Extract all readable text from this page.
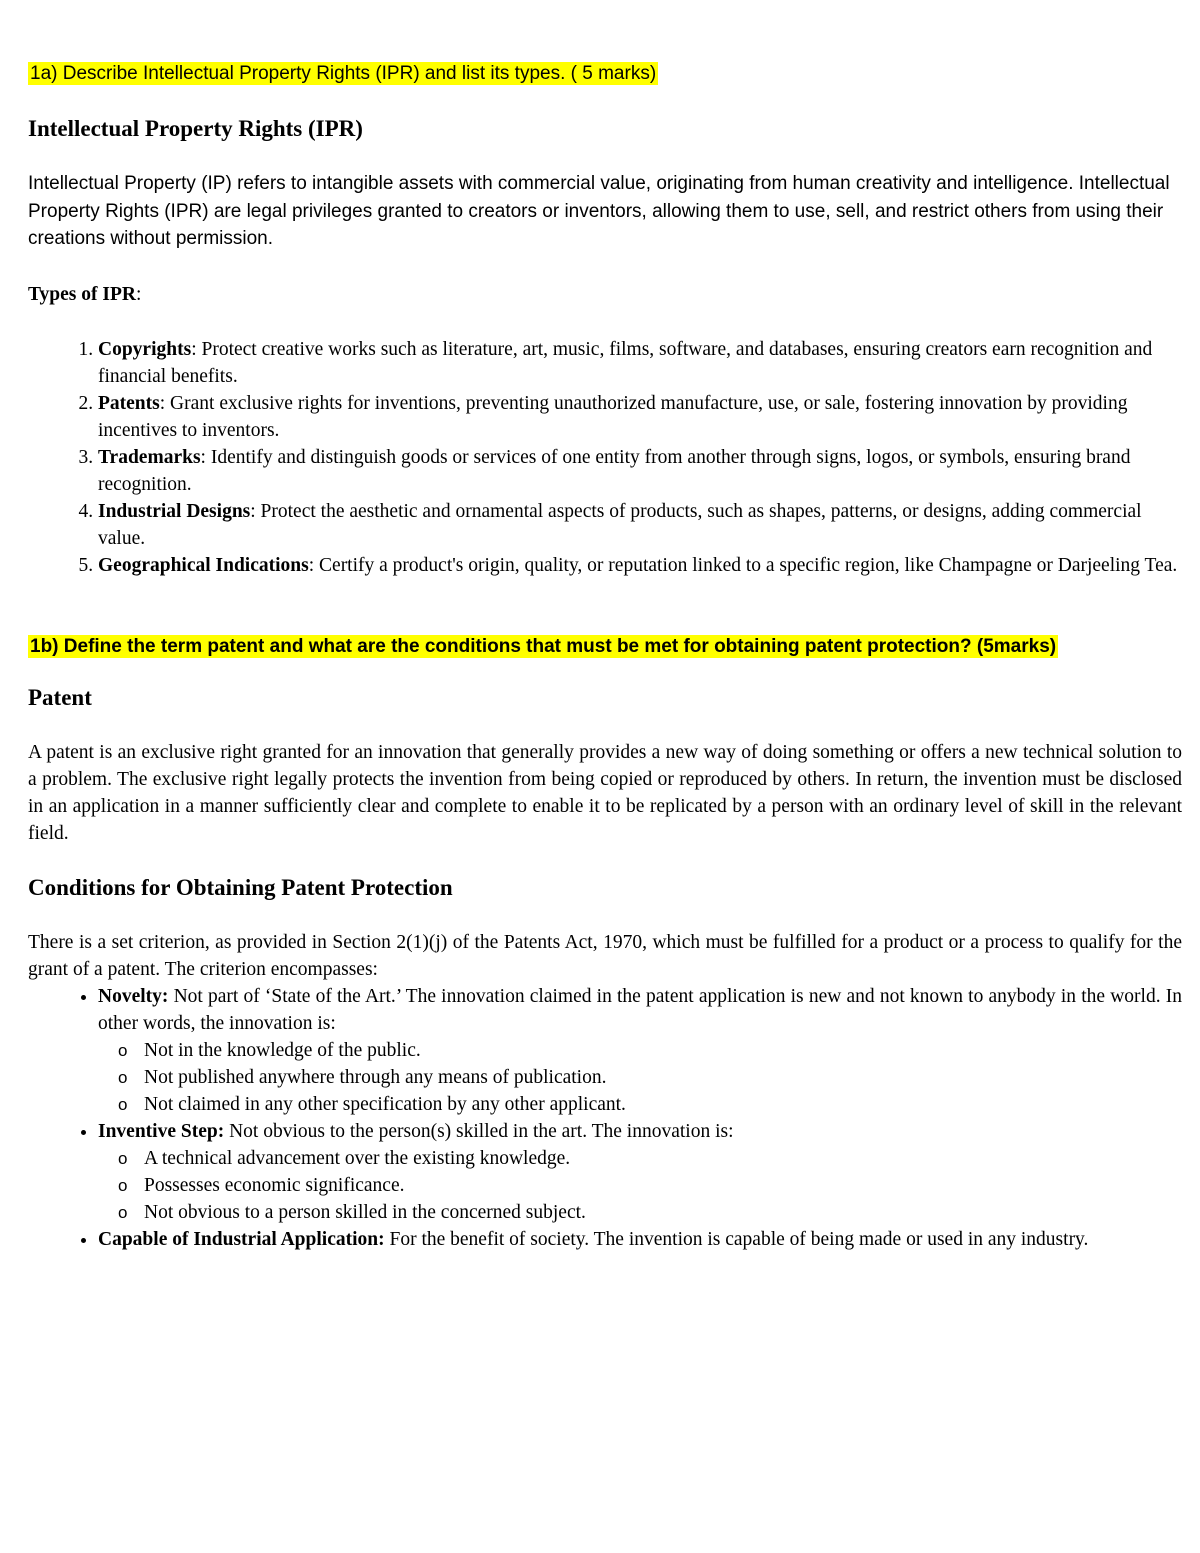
1a) Describe Intellectual Property Rights (IPR) and list its types. ( 5 marks)
Intellectual Property Rights (IPR)

Intellectual Property (IP) refers to intangible assets with commercial value, originating from human creativity and intelligence. Intellectual Property Rights (IPR) are legal privileges granted to creators or inventors, allowing them to use, sell, and restrict others from using their creations without permission.

Types of IPR:
1. Copyrights: Protect creative works such as literature, art, music, films, software, and databases, ensuring creators earn recognition and financial benefits.
2. Patents: Grant exclusive rights for inventions, preventing unauthorized manufacture, use, or sale, fostering innovation by providing incentives to inventors.
3. Trademarks: Identify and distinguish goods or services of one entity from another through signs, logos, or symbols, ensuring brand recognition.
4. Industrial Designs: Protect the aesthetic and ornamental aspects of products, such as shapes, patterns, or designs, adding commercial value.
5. Geographical Indications: Certify a product's origin, quality, or reputation linked to a specific region, like Champagne or Darjeeling Tea.
1b) Define the term patent and what are the conditions that must be met for obtaining patent protection? (5marks)
Patent

A patent is an exclusive right granted for an innovation that generally provides a new way of doing something or offers a new technical solution to a problem. The exclusive right legally protects the invention from being copied or reproduced by others. In return, the invention must be disclosed in an application in a manner sufficiently clear and complete to enable it to be replicated by a person with an ordinary level of skill in the relevant field.

Conditions for Obtaining Patent Protection

There is a set criterion, as provided in Section 2(1)(j) of the Patents Act, 1970, which must be fulfilled for a product or a process to qualify for the grant of a patent. The criterion encompasses:

• Novelty: Not part of ‘State of the Art.’ The innovation claimed in the patent application is new and not known to anybody in the world. In other words, the innovation is:
o Not in the knowledge of the public.
o Not published anywhere through any means of publication.
o Not claimed in any other specification by any other applicant.
• Inventive Step: Not obvious to the person(s) skilled in the art. The innovation is:
o A technical advancement over the existing knowledge.
o Possesses economic significance.
o Not obvious to a person skilled in the concerned subject.
• Capable of Industrial Application: For the benefit of society. The invention is capable of being made or used in any industry.
